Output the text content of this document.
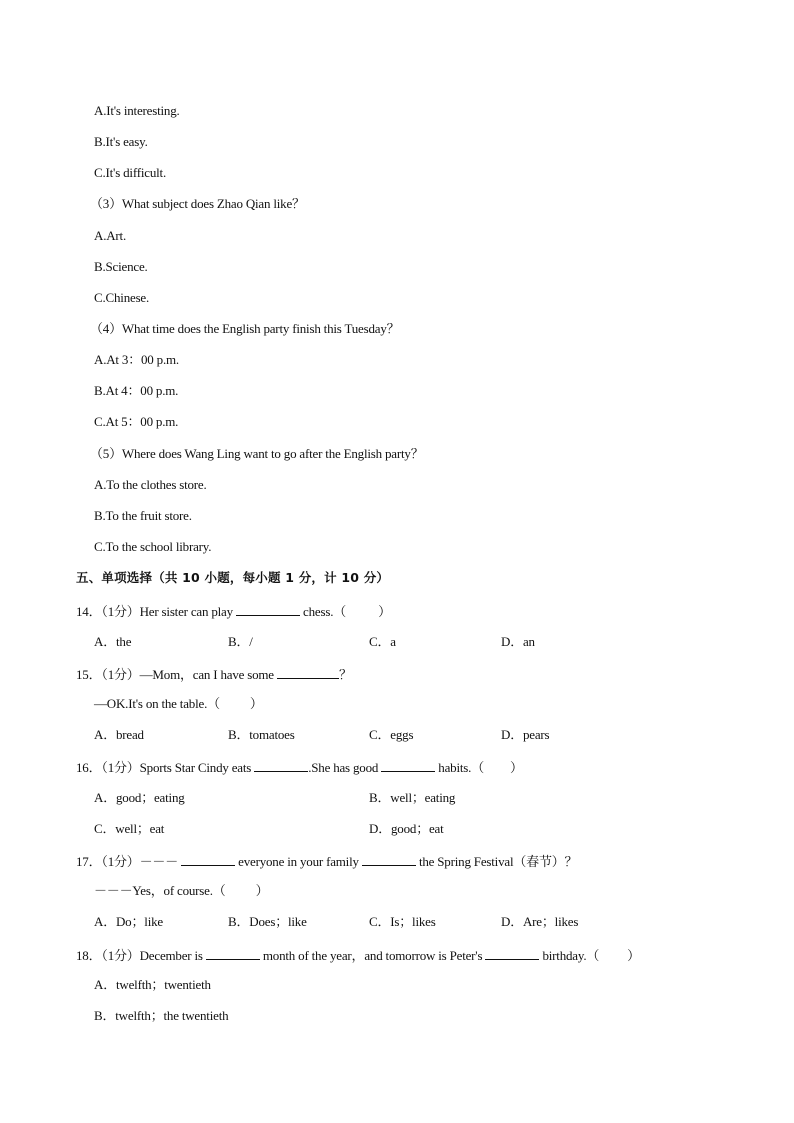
A.It's interesting.
B.It's easy.
C.It's difficult.
（3）What subject does Zhao Qian like？
A.Art.
B.Science.
C.Chinese.
（4）What time does the English party finish this Tuesday？
A.At 3：00 p.m.
B.At 4：00 p.m.
C.At 5：00 p.m.
（5）Where does Wang Ling want to go after the English party？
A.To the clothes store.
B.To the fruit store.
C.To the school library.
五、单项选择（共 10 小题，每小题 1 分，计 10 分）
14．（1分）Her sister can play	chess.（ ）
A．the	B．/	C．a	D．an
15．（1分）—Mom，can I have some	？
—OK.It's on the table.（ ）
A．bread	B．tomatoes	C．eggs	D．pears
16．（1分）Sports Star Cindy eats	.She has good	habits.（ ）
A．good；eating	B．well；eating
C．well；eat	D．good；eat
17．（1分）－－－	everyone in your family	the Spring Festival（春节）？
－－－Yes，of course.（ ）
A．Do；like	B．Does；like	C．Is；likes	D．Are；likes
18．（1分）December is	month of the year，and tomorrow is Peter's	birthday.（ ）
A．twelfth；twentieth
B．twelfth；the twentieth
